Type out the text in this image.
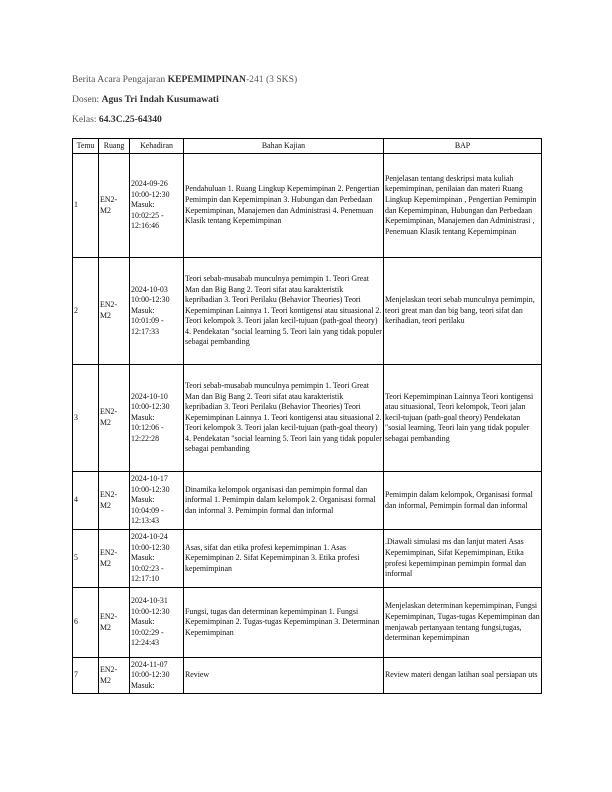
Berita Acara Pengajaran KEPEMIMPINAN-241 (3 SKS)
Dosen: Agus Tri Indah Kusumawati
Kelas: 64.3C.25-64340
Temu	Ruang	Kehadiran	Bahan Kajian	BAP
1	EN2-M2	2024-09-26 10:00-12:30 Masuk: 10:02:25 - 12:16:46	Pendahuluan 1. Ruang Lingkup Kepemimpinan 2. Pengertian Pemimpin dan Kepemimpinan 3. Hubungan dan Perbedaan Kepemimpinan, Manajemen dan Administrasi 4. Penemuan Klasik tentang Kepemimpinan	Penjelasan tentang deskripsi mata kuliah kepemimpinan, penilaian dan materi Ruang Lingkup Kepemimpinan , Pengertian Pemimpin dan Kepemimpinan, Hubungan dan Perbedaan Kepemimpinan, Manajemen dan Administrasi , Penemuan Klasik tentang Kepemimpinan
2	EN2-M2	2024-10-03 10:00-12:30 Masuk: 10:01:09 - 12:17:33	Teori sebab-musabab munculnya pemimpin 1. Teori Great Man dan Big Bang 2. Teori sifat atau karakteristik kepribadian 3. Teori Perilaku (Behavior Theories) Teori Kepemimpinan Lainnya 1. Teori kontigensi atau situasional 2. Teori kelompok 3. Teori jalan kecil-tujuan (path-goal theory) 4. Pendekatan "social learning 5. Teori lain yang tidak populer sebagai pembanding	Menjelaskan teori sebab munculnya pemimpin, teori great man dan big bang, teori sifat dan kerihadian, teori perilaku
3	EN2-M2	2024-10-10 10:00-12:30 Masuk: 10:12:06 - 12:22:28	Teori sebab-musabab munculnya pemimpin 1. Teori Great Man dan Big Bang 2. Teori sifat atau karakteristik kepribadian 3. Teori Perilaku (Behavior Theories) Teori Kepemimpinan Lainnya 1. Teori kontigensi atau situasional 2. Teori kelompok 3. Teori jalan kecil-tujuan (path-goal theory) 4. Pendekatan "social learning 5. Teori lain yang tidak populer sebagai pembanding	Teori Kepemimpinan Lainnya Teori kontigensi atau situasional, Teori kelompok, Teori jalan kecil-tujuan (path-goal theory) Pendekatan "sosial learning, Teori lain yang tidak populer sebagai pembanding
4	EN2-M2	2024-10-17 10:00-12:30 Masuk: 10:04:09 - 12:13:43	Dinamika kelompok organisasi dan pemimpin formal dan informal 1. Pemimpin dalam kelompok 2. Organisasi formal dan informal 3. Pemimpin formal dan informal	Pemimpin dalam kelompok, Organisasi formal dan informal, Pemimpin formal dan informal
5	EN2-M2	2024-10-24 10:00-12:30 Masuk: 10:02:23 - 12:17:10	Asas, sifat dan etika profesi kepemimpinan 1. Asas Kepemimpinan 2. Sifat Kepemimpinan 3. Etika profesi kepemimpinan	.Diawali simulasi ms dan lanjut materi Asas Kepemimpinan, Sifat Kepemimpinan, Etika profesi kepemimpinan pemimpin formal dan informal
6	EN2-M2	2024-10-31 10:00-12:30 Masuk: 10:02:29 - 12:24:43	Fungsi, tugas dan determinan kepemimpinan 1. Fungsi Kepemimpinan 2. Tugas-tugas Kepemimpinan 3. Determinan Kepemimpinan	Menjelaskan determinan kepemimpinan, Fungsi Kepemimpinan, Tugas-tugas Kepemimpinan dan menjawab pertanyaan tentang fungsi,tugas, determinan kepemimpinan
7	EN2-M2	2024-11-07 10:00-12:30 Masuk:	Review	Review materi dengan latihan soal persiapan uts
